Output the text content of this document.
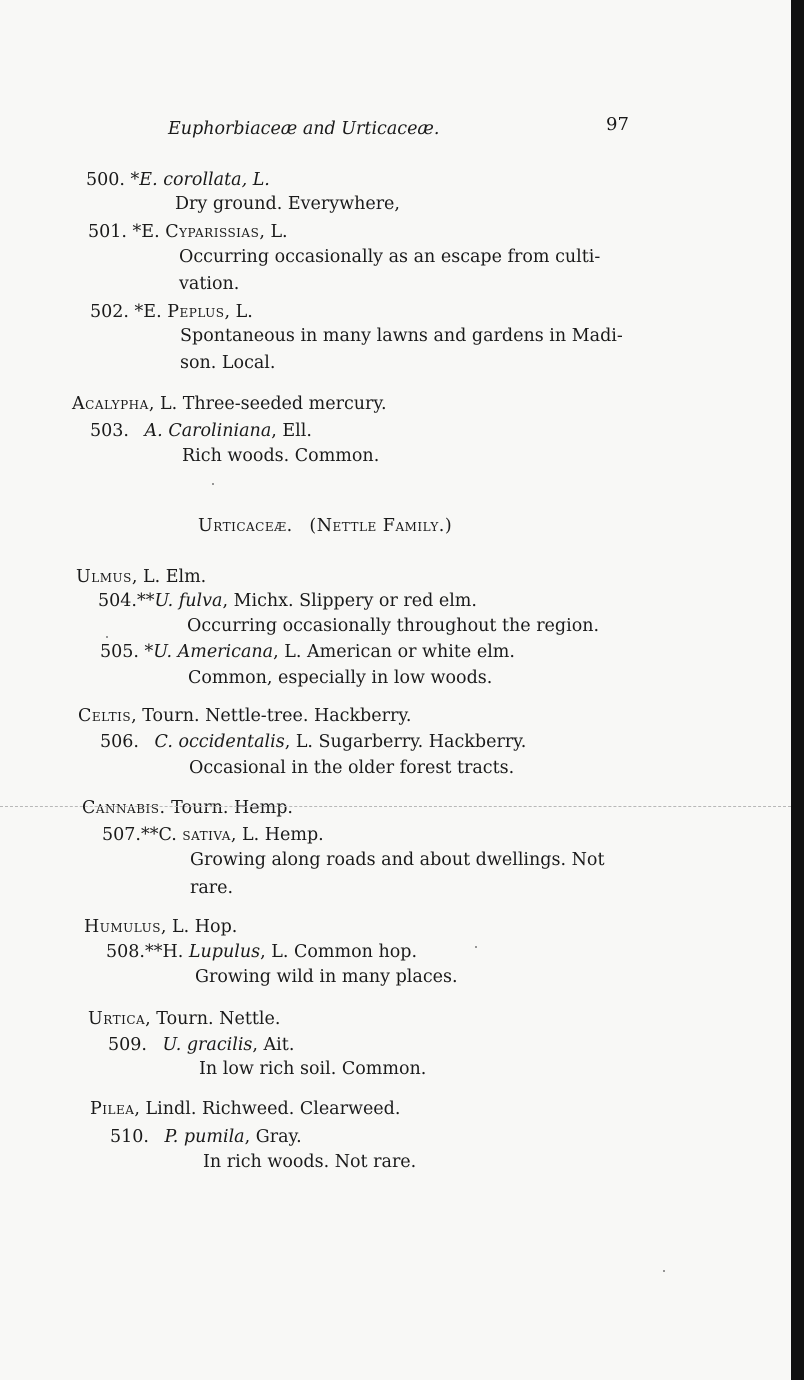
Euphorbiaceæ and Urticaceæ.	97
500. *E. corollata, L.
Dry ground. Everywhere,
501. *E. Cyparissias, L.
Occurring occasionally as an escape from culti-
vation.
502. *E. Peplus, L.
Spontaneous in many lawns and gardens in Madi-
son. Local.
Acalypha, L. Three-seeded mercury.
503. A. Caroliniana, Ell.
Rich woods. Common.
Urticaceæ. (Nettle Family.)
Ulmus, L. Elm.
504.**U. fulva, Michx. Slippery or red elm.
Occurring occasionally throughout the region.
505. *U. Americana, L. American or white elm.
Common, especially in low woods.
Celtis, Tourn. Nettle-tree. Hackberry.
506. C. occidentalis, L. Sugarberry. Hackberry.
Occasional in the older forest tracts.
Cannabis. Tourn. Hemp.
507.**C. sativa, L. Hemp.
Growing along roads and about dwellings. Not
rare.
Humulus, L. Hop.
508.**H. Lupulus, L. Common hop.
Growing wild in many places.
Urtica, Tourn. Nettle.
509. U. gracilis, Ait.
In low rich soil. Common.
Pilea, Lindl. Richweed. Clearweed.
510. P. pumila, Gray.
In rich woods. Not rare.
